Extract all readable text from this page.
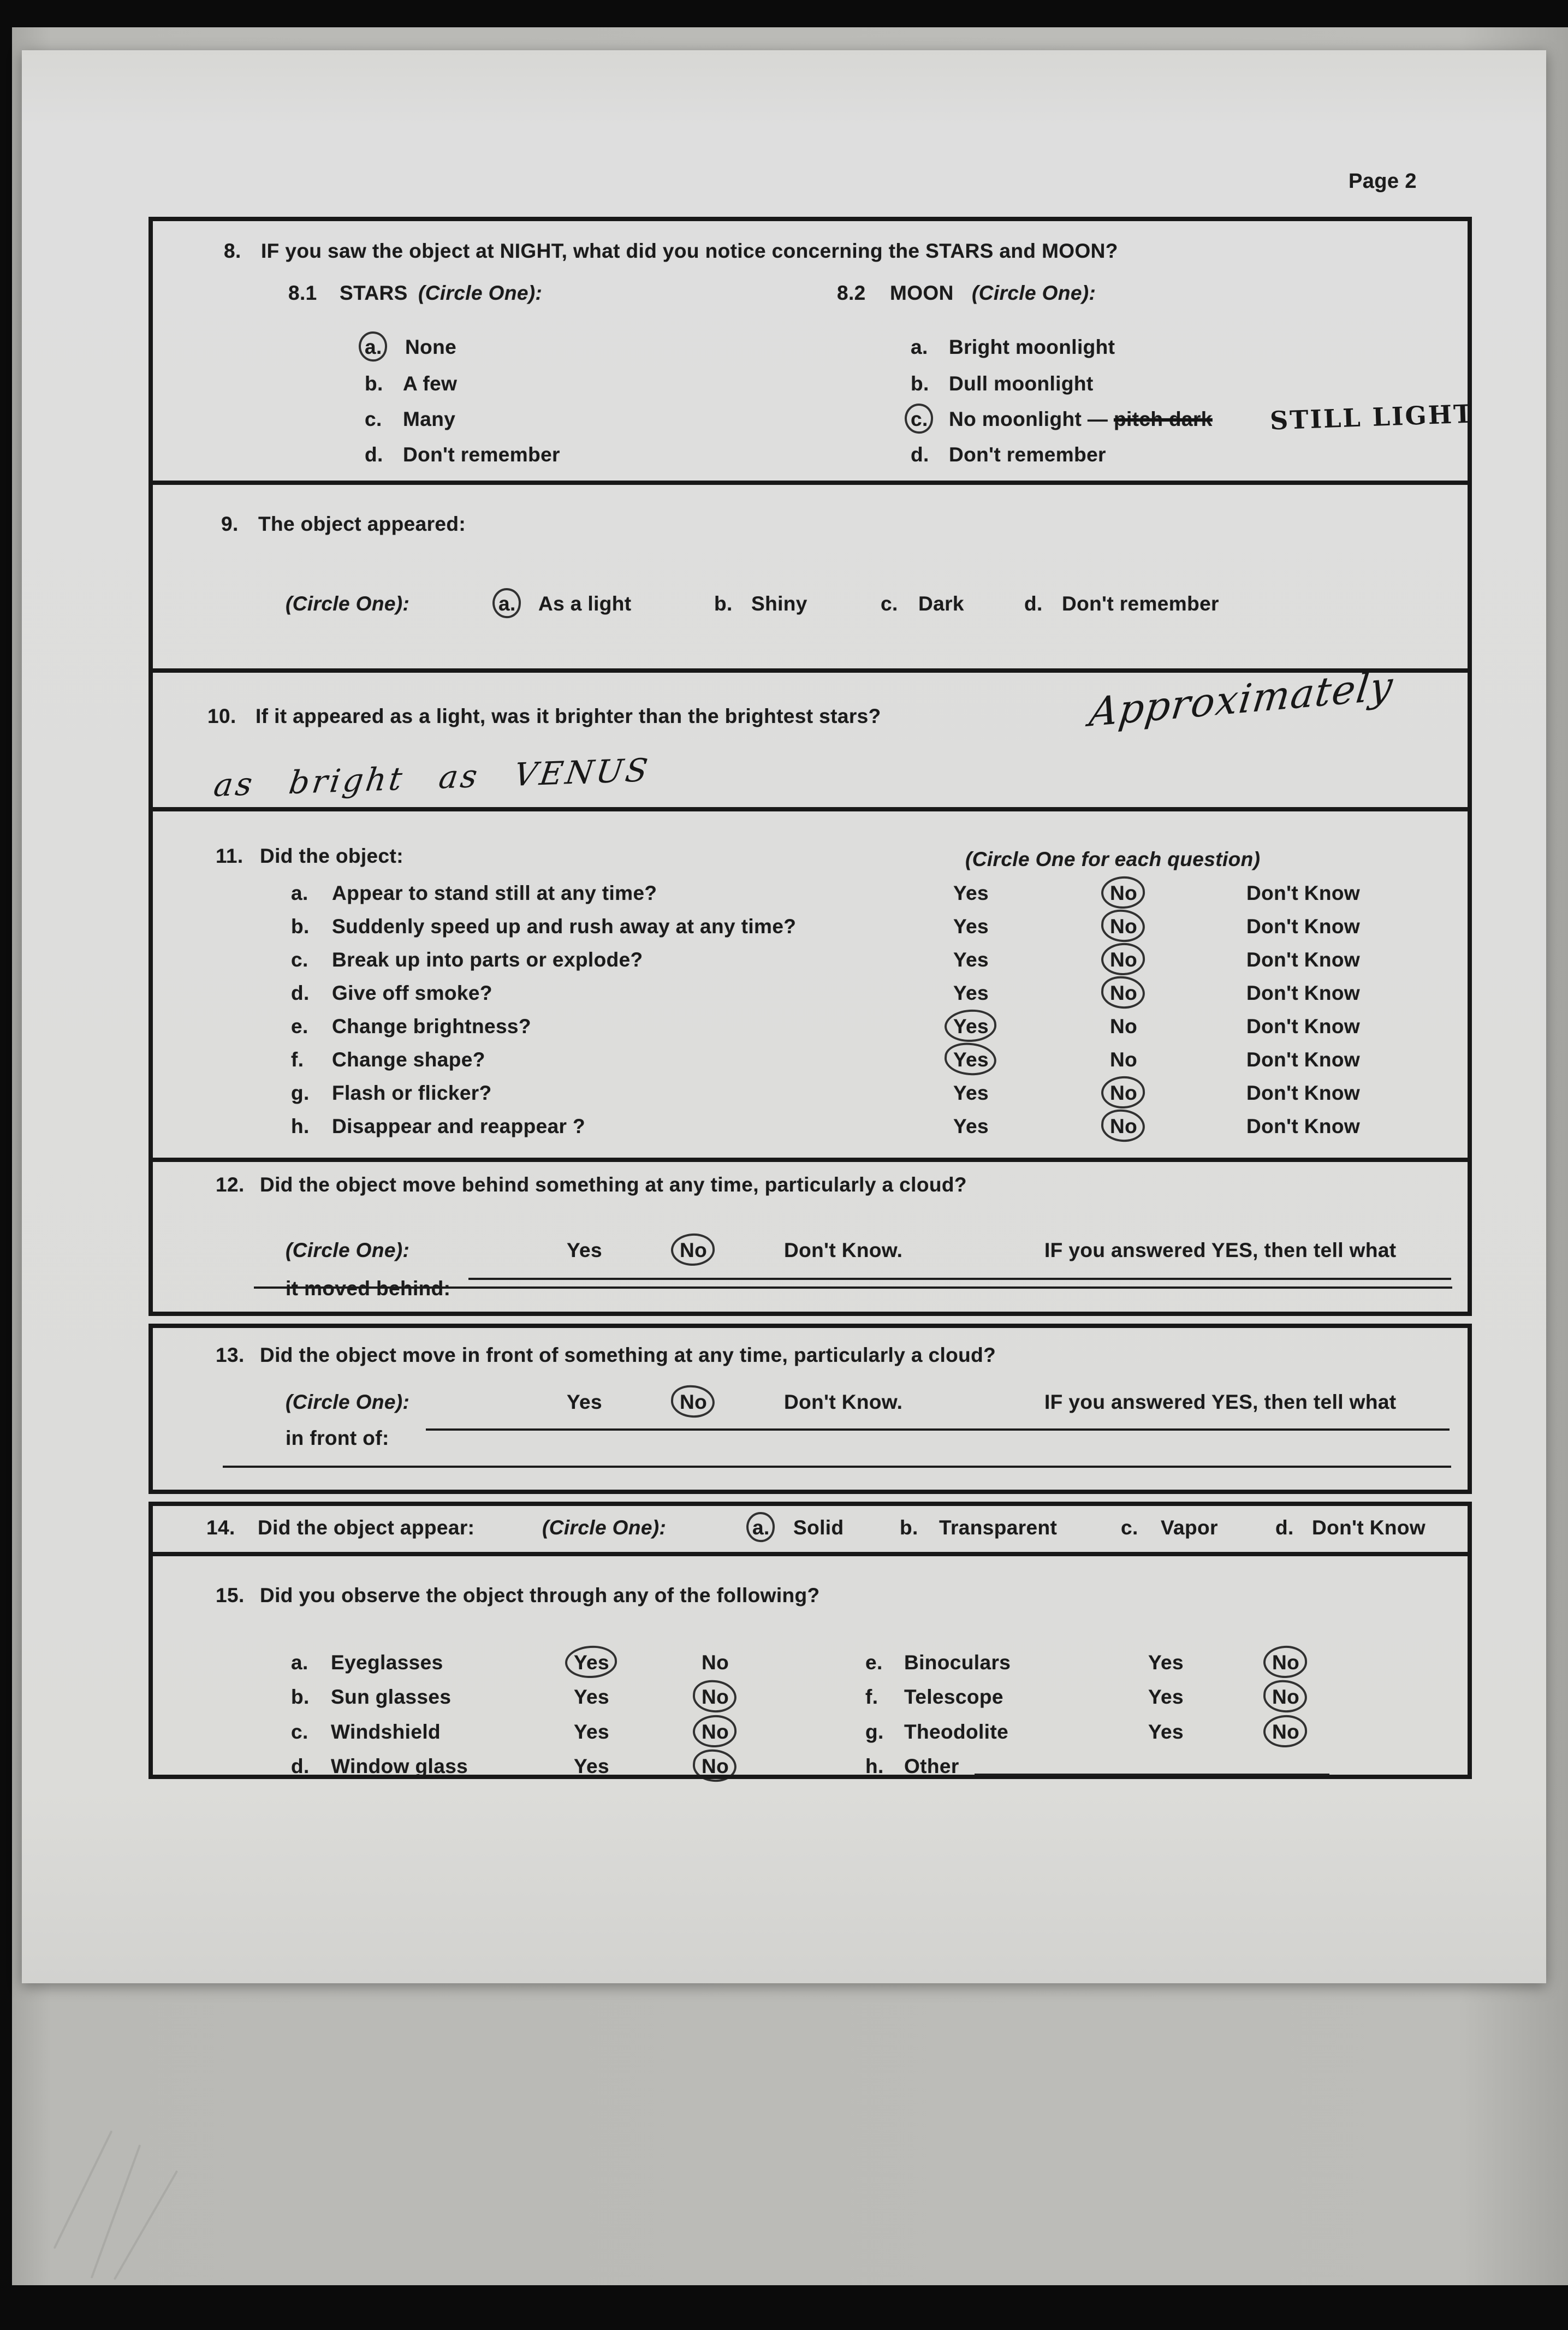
Page 2
8. IF you saw the object at NIGHT, what did you notice concerning the STARS and MOON?
8.1 STARS (Circle One):	8.2 MOON (Circle One):
a. None
b. A few
c. Many
d. Don't remember
a. Bright moonlight
b. Dull moonlight
c. No moonlight — pitch dark STILL LIGHT
d. Don't remember
9. The object appeared:
(Circle One):	a. As a light	b. Shiny	c. Dark	d. Don't remember
10. If it appeared as a light, was it brighter than the brightest stars?	Approximately
as bright as VENUS
11. Did the object:	(Circle One for each question)
a. Appear to stand still at any time?	Yes	No	Don't Know
b. Suddenly speed up and rush away at any time?	Yes	No	Don't Know
c. Break up into parts or explode?	Yes	No	Don't Know
d. Give off smoke?	Yes	No	Don't Know
e. Change brightness?	Yes	No	Don't Know
f. Change shape?	Yes	No	Don't Know
g. Flash or flicker?	Yes	No	Don't Know
h. Disappear and reappear ?	Yes	No	Don't Know
12. Did the object move behind something at any time, particularly a cloud?
(Circle One):	Yes	No	Don't Know.	IF you answered YES, then tell what
it moved behind:
13. Did the object move in front of something at any time, particularly a cloud?
(Circle One):	Yes	No	Don't Know.	IF you answered YES, then tell what
in front of:
14. Did the object appear:	(Circle One):	a. Solid	b. Transparent	c. Vapor	d. Don't Know
15. Did you observe the object through any of the following?
a. Eyeglasses	Yes	No
b. Sun glasses	Yes	No
c. Windshield	Yes	No
d. Window glass	Yes	No
e. Binoculars	Yes	No
f. Telescope	Yes	No
g. Theodolite	Yes	No
h. Other
